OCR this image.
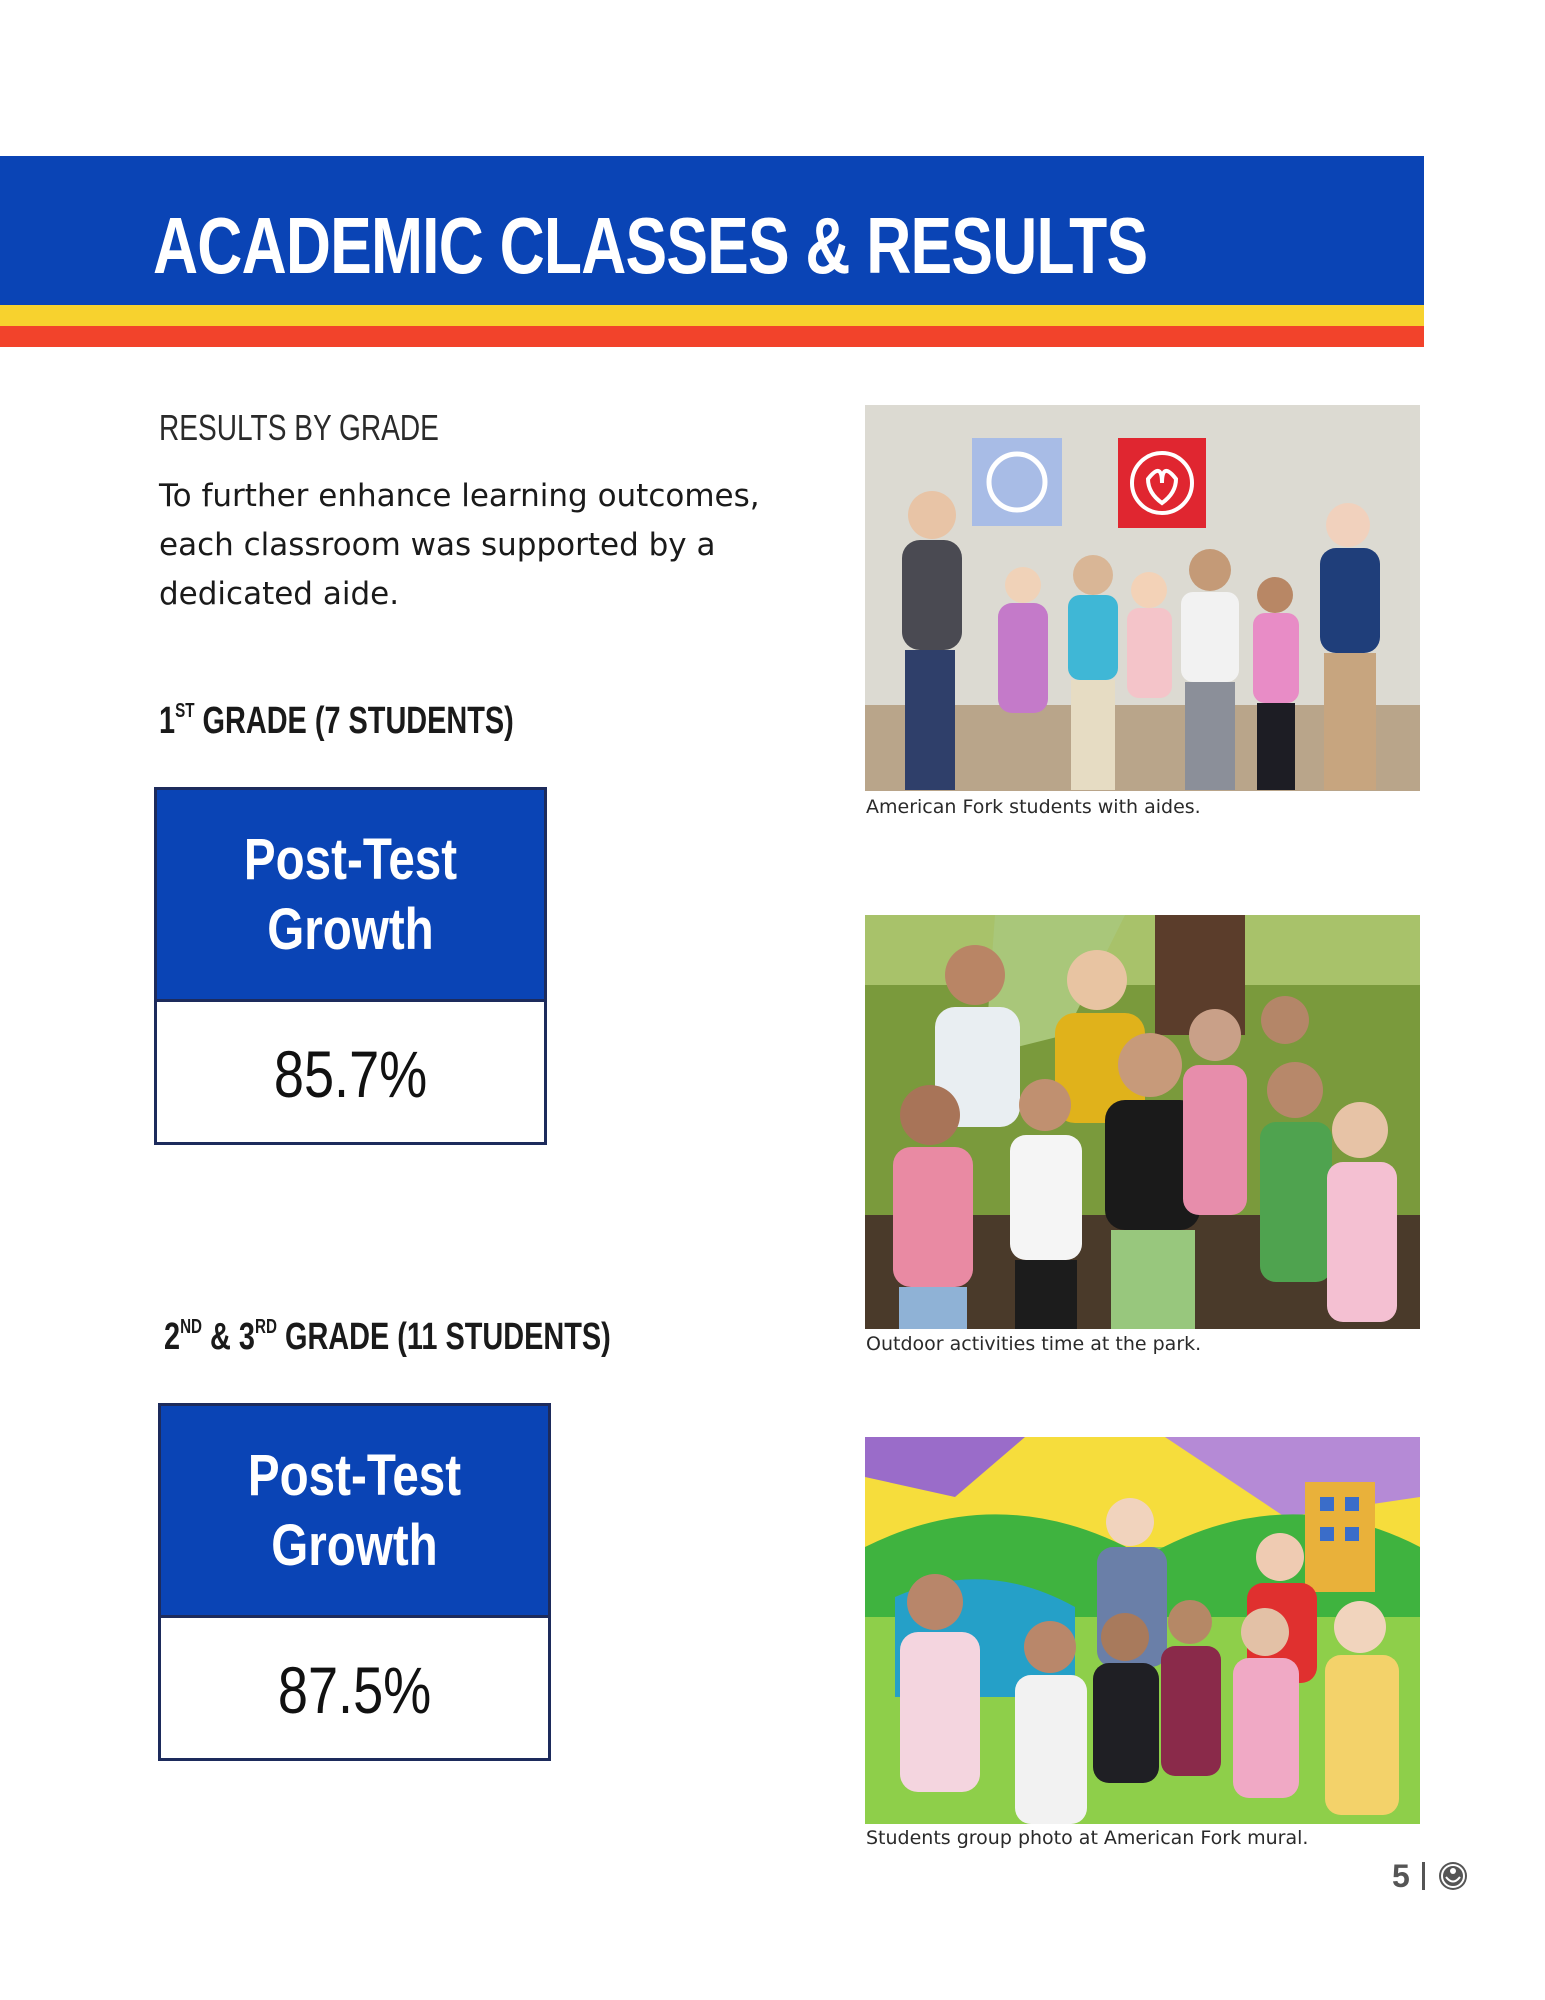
ACADEMIC CLASSES & RESULTS

RESULTS BY GRADE

To further enhance learning outcomes, each classroom was supported by a dedicated aide.

1ST GRADE (7 STUDENTS)

Post-Test Growth
85.7%

2ND & 3RD GRADE (11 STUDENTS)

Post-Test Growth
87.5%

American Fork students with aides.

Outdoor activities time at the park.

Students group photo at American Fork mural.

5
